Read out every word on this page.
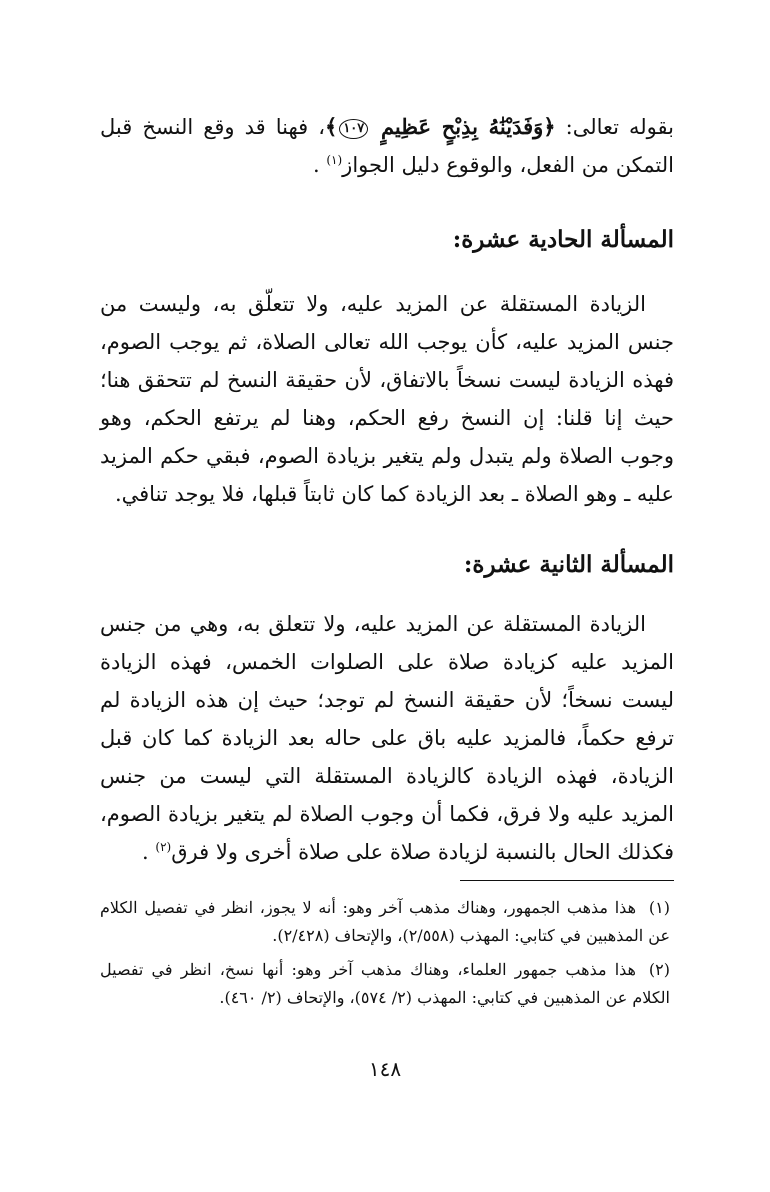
بقوله تعالى: ﴿وَفَدَيْنَٰهُ بِذِبْحٍ عَظِيمٍ ١٠٧﴾، فهنا قد وقع النسخ قبل التمكن من الفعل، والوقوع دليل الجواز$^{(١)}$ .
المسألة الحادية عشرة:
الزيادة المستقلة عن المزيد عليه، ولا تتعلّق به، وليست من جنس المزيد عليه، كأن يوجب الله تعالى الصلاة، ثم يوجب الصوم، فهذه الزيادة ليست نسخاً بالاتفاق، لأن حقيقة النسخ لم تتحقق هنا؛ حيث إنا قلنا: إن النسخ رفع الحكم، وهنا لم يرتفع الحكم، وهو وجوب الصلاة ولم يتبدل ولم يتغير بزيادة الصوم، فبقي حكم المزيد عليه ـ وهو الصلاة ـ بعد الزيادة كما كان ثابتاً قبلها، فلا يوجد تنافي.
المسألة الثانية عشرة:
الزيادة المستقلة عن المزيد عليه، ولا تتعلق به، وهي من جنس المزيد عليه كزيادة صلاة على الصلوات الخمس، فهذه الزيادة ليست نسخاً؛ لأن حقيقة النسخ لم توجد؛ حيث إن هذه الزيادة لم ترفع حكماً، فالمزيد عليه باق على حاله بعد الزيادة كما كان قبل الزيادة، فهذه الزيادة كالزيادة المستقلة التي ليست من جنس المزيد عليه ولا فرق، فكما أن وجوب الصلاة لم يتغير بزيادة الصوم، فكذلك الحال بالنسبة لزيادة صلاة على صلاة أخرى ولا فرق$^{(٢)}$ .
(١)هذا مذهب الجمهور، وهناك مذهب آخر وهو: أنه لا يجوز، انظر في تفصيل الكلام عن المذهبين في كتابي: المهذب (٢/٥٥٨)، والإتحاف (٢/٤٢٨).
(٢)هذا مذهب جمهور العلماء، وهناك مذهب آخر وهو: أنها نسخ، انظر في تفصيل الكلام عن المذهبين في كتابي: المهذب (٢/ ٥٧٤)، والإتحاف (٢/ ٤٦٠).
١٤٨
